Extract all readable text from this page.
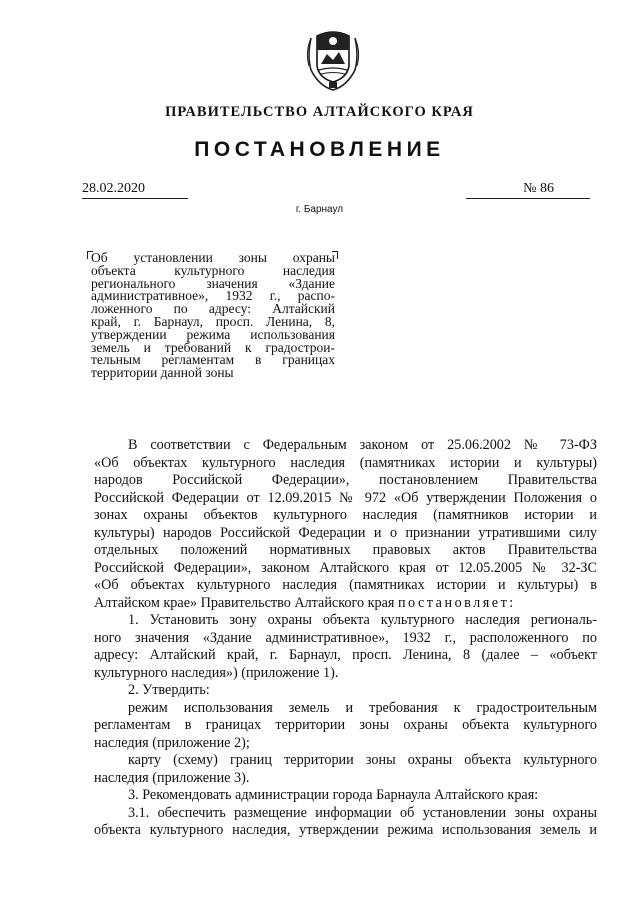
ПРАВИТЕЛЬСТВО АЛТАЙСКОГО КРАЯ
ПОСТАНОВЛЕНИЕ
28.02.2020	№ 86
г. Барнаул
Об установлении зоны охраны
объекта культурного наследия
регионального значения «Здание
административное», 1932 г., распо-
ложенного по адресу: Алтайский
край, г. Барнаул, просп. Ленина, 8,
утверждении режима использования
земель и требований к градострои-
тельным регламентам в границах
территории данной зоны
В соответствии с Федеральным законом от 25.06.2002 № 73-ФЗ
«Об объектах культурного наследия (памятниках истории и культуры)
народов Российской Федерации», постановлением Правительства
Российской Федерации от 12.09.2015 № 972 «Об утверждении Положения о
зонах охраны объектов культурного наследия (памятников истории и
культуры) народов Российской Федерации и о признании утратившими силу
отдельных положений нормативных правовых актов Правительства
Российской Федерации», законом Алтайского края от 12.05.2005 № 32-ЗС
«Об объектах культурного наследия (памятниках истории и культуры) в
Алтайском крае» Правительство Алтайского края постановляет:
1. Установить зону охраны объекта культурного наследия региональ-
ного значения «Здание административное», 1932 г., расположенного по
адресу: Алтайский край, г. Барнаул, просп. Ленина, 8 (далее – «объект
культурного наследия») (приложение 1).
2. Утвердить:
режим использования земель и требования к градостроительным
регламентам в границах территории зоны охраны объекта культурного
наследия (приложение 2);
карту (схему) границ территории зоны охраны объекта культурного
наследия (приложение 3).
3. Рекомендовать администрации города Барнаула Алтайского края:
3.1. обеспечить размещение информации об установлении зоны охраны
объекта культурного наследия, утверждении режима использования земель и
